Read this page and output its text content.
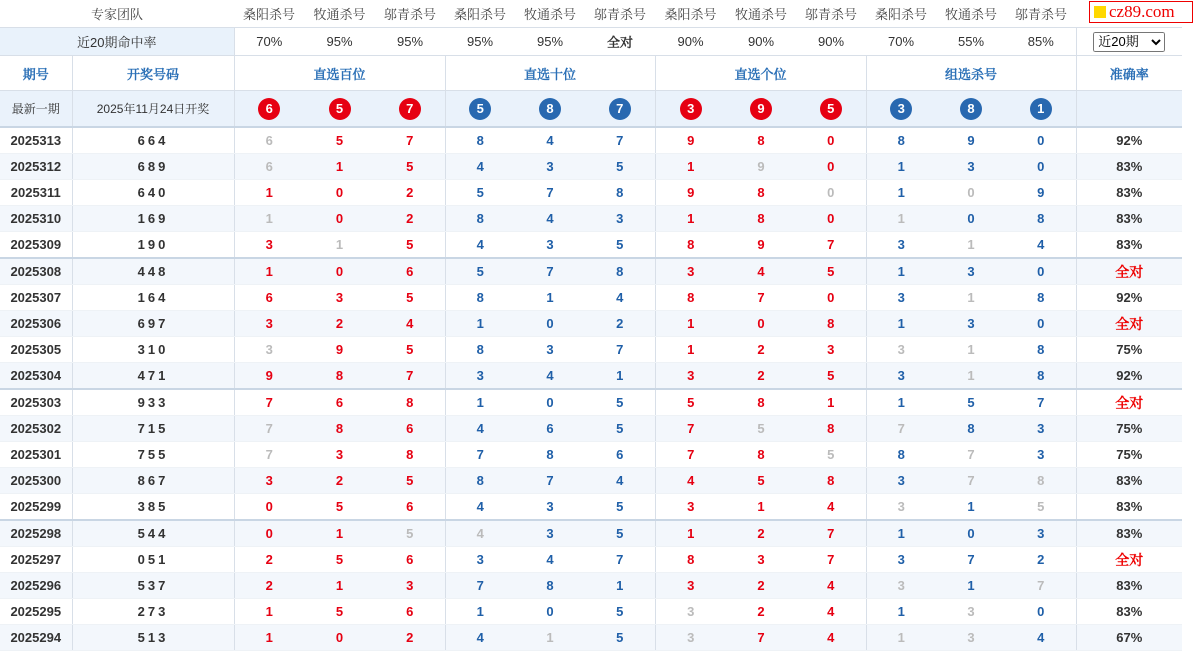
专家团队		桑阳杀号	牧通杀号	邬青杀号	桑阳杀号	牧通杀号	邬青杀号	桑阳杀号	牧通杀号	邬青杀号	桑阳杀号	牧通杀号	邬青杀号	
近20期命中率		70%	95%	95%	95%	95%	全对	90%	90%	90%	70%	55%	85%	
近20期
期号	开奖号码	直选百位			直选十位			直选个位			组选杀号			准确率
最新一期	2025年11月24日开奖	6	5	7	5	8	7	3	9	5	3	8	1	
2025313	664	6	5	7	8	4	7	9	8	0	8	9	0	92%
2025312	689	6	1	5	4	3	5	1	9	0	1	3	0	83%
2025311	640	1	0	2	5	7	8	9	8	0	1	0	9	83%
2025310	169	1	0	2	8	4	3	1	8	0	1	0	8	83%
2025309	190	3	1	5	4	3	5	8	9	7	3	1	4	83%
2025308	448	1	0	6	5	7	8	3	4	5	1	3	0	全对
2025307	164	6	3	5	8	1	4	8	7	0	3	1	8	92%
2025306	697	3	2	4	1	0	2	1	0	8	1	3	0	全对
2025305	310	3	9	5	8	3	7	1	2	3	3	1	8	75%
2025304	471	9	8	7	3	4	1	3	2	5	3	1	8	92%
2025303	933	7	6	8	1	0	5	5	8	1	1	5	7	全对
2025302	715	7	8	6	4	6	5	7	5	8	7	8	3	75%
2025301	755	7	3	8	7	8	6	7	8	5	8	7	3	75%
2025300	867	3	2	5	8	7	4	4	5	8	3	7	8	83%
2025299	385	0	5	6	4	3	5	3	1	4	3	1	5	83%
2025298	544	0	1	5	4	3	5	1	2	7	1	0	3	83%
2025297	051	2	5	6	3	4	7	8	3	7	3	7	2	全对
2025296	537	2	1	3	7	8	1	3	2	4	3	1	7	83%
2025295	273	1	5	6	1	0	5	3	2	4	1	3	0	83%
2025294	513	1	0	2	4	1	5	3	7	4	1	3	4	67%
cz89.com
